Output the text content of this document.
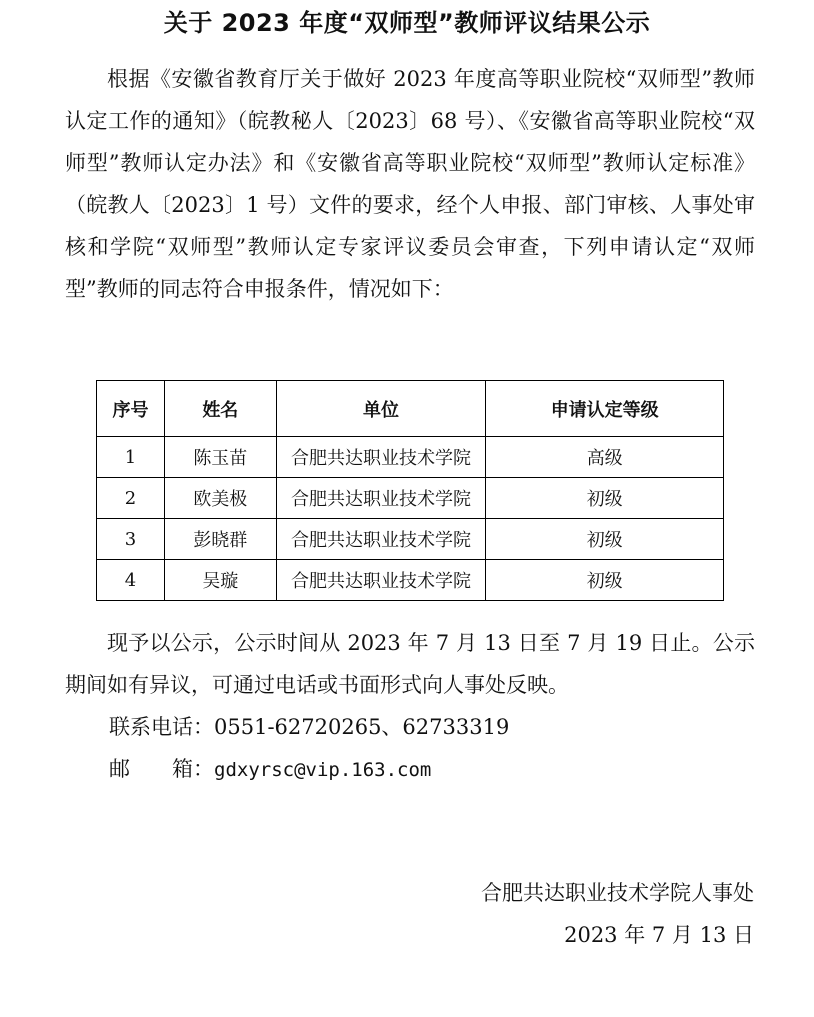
关于 2023 年度“双师型”教师评议结果公示

根据《安徽省教育厅关于做好 2023 年度高等职业院校“双师型”教师认定工作的通知》（皖教秘人〔2023〕68 号）、《安徽省高等职业院校“双师型”教师认定办法》和《安徽省高等职业院校“双师型”教师认定标准》（皖教人〔2023〕1 号）文件的要求，经个人申报、部门审核、人事处审核和学院“双师型”教师认定专家评议委员会审查，下列申请认定“双师型”教师的同志符合申报条件，情况如下：

序号	姓名	单位	申请认定等级
1	陈玉苗	合肥共达职业技术学院	高级
2	欧美极	合肥共达职业技术学院	初级
3	彭晓群	合肥共达职业技术学院	初级
4	吴璇	合肥共达职业技术学院	初级

现予以公示，公示时间从 2023 年 7 月 13 日至 7 月 19 日止。公示期间如有异议，可通过电话或书面形式向人事处反映。

联系电话：0551-62720265、62733319
邮　　箱：gdxyrsc@vip.163.com
合肥共达职业技术学院人事处
2023 年 7 月 13 日
